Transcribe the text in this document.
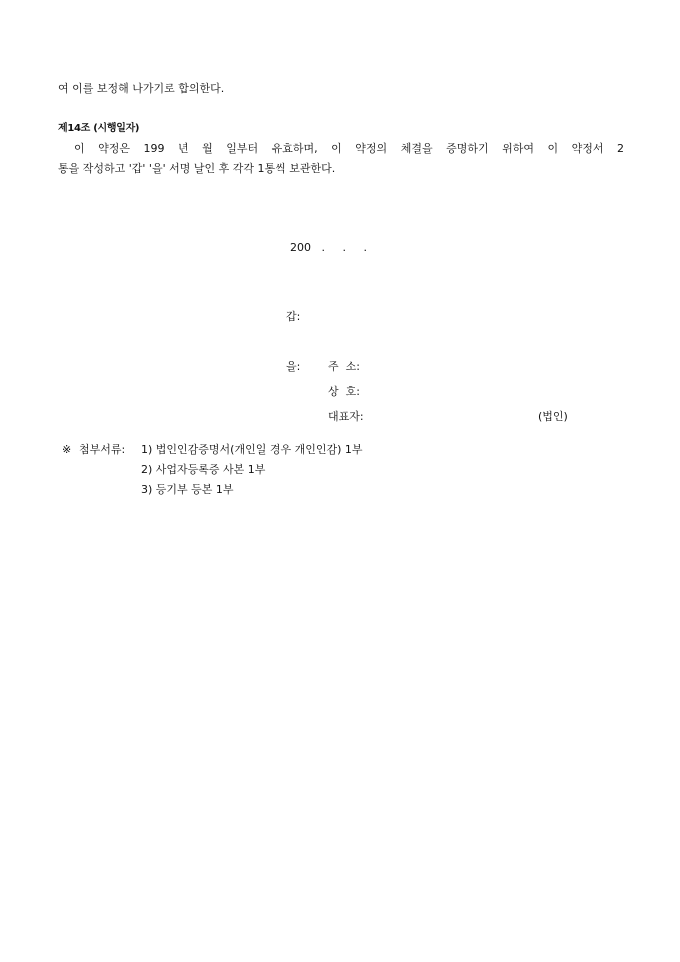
여 이를 보정해 나가기로 합의한다.
제14조 (시행일자)
이 약정은 199 년 월 일부터 유효하며, 이 약정의 체결을 증명하기 위하여 이 약정서 2
통을 작성하고 '갑' '을' 서명 날인 후 각각 1통씩 보관한다.
200   .     .     .
갑:
을:	주  소:
상  호:
대표자:	(법인)
※ 첨부서류: 1) 법인인감증명서(개인일 경우 개인인감) 1부
2) 사업자등록증 사본 1부
3) 등기부 등본 1부
